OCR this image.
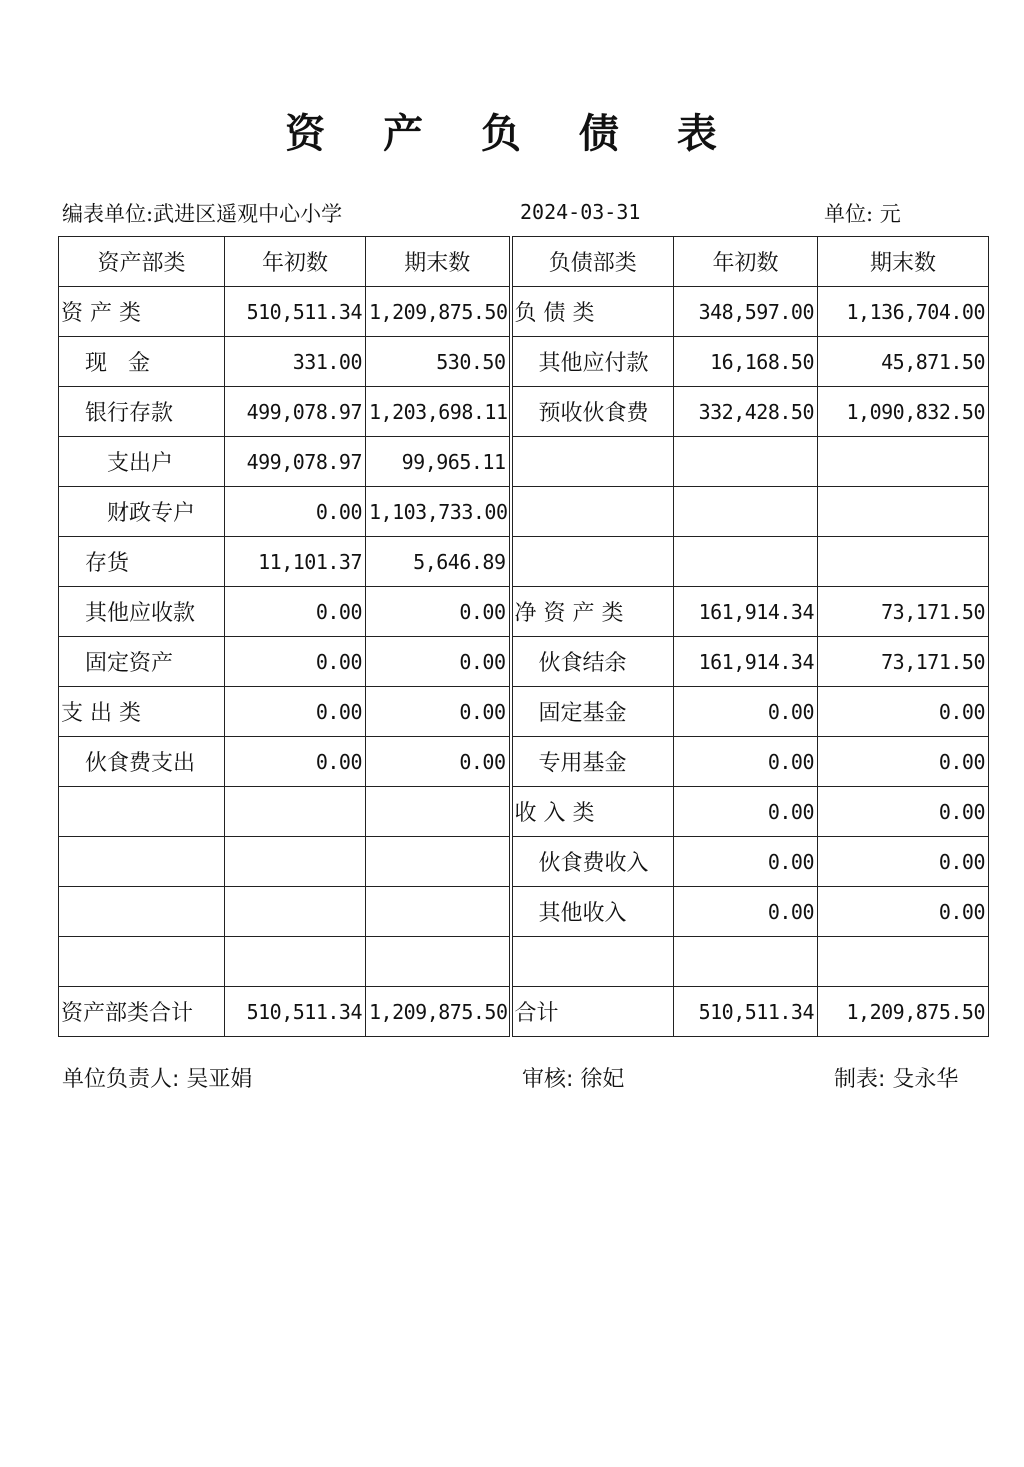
资 产 负 债 表
编表单位:武进区遥观中心小学	2024-03-31	单位: 元
资产部类	年初数	期末数	负债部类	年初数	期末数
资 产 类	510,511.34	1,209,875.50	负 债 类	348,597.00	1,136,704.00
现   金	331.00	530.50	其他应付款	16,168.50	45,871.50
银行存款	499,078.97	1,203,698.11	预收伙食费	332,428.50	1,090,832.50
支出户	499,078.97	99,965.11			
财政专户	0.00	1,103,733.00			
存货	11,101.37	5,646.89			
其他应收款	0.00	0.00	净 资 产 类	161,914.34	73,171.50
固定资产	0.00	0.00	伙食结余	161,914.34	73,171.50
支 出 类	0.00	0.00	固定基金	0.00	0.00
伙食费支出	0.00	0.00	专用基金	0.00	0.00
			收 入 类	0.00	0.00
			伙食费收入	0.00	0.00
			其他收入	0.00	0.00

资产部类合计	510,511.34	1,209,875.50	合计	510,511.34	1,209,875.50
单位负责人: 吴亚娟	审核: 徐妃	制表: 殳永华
